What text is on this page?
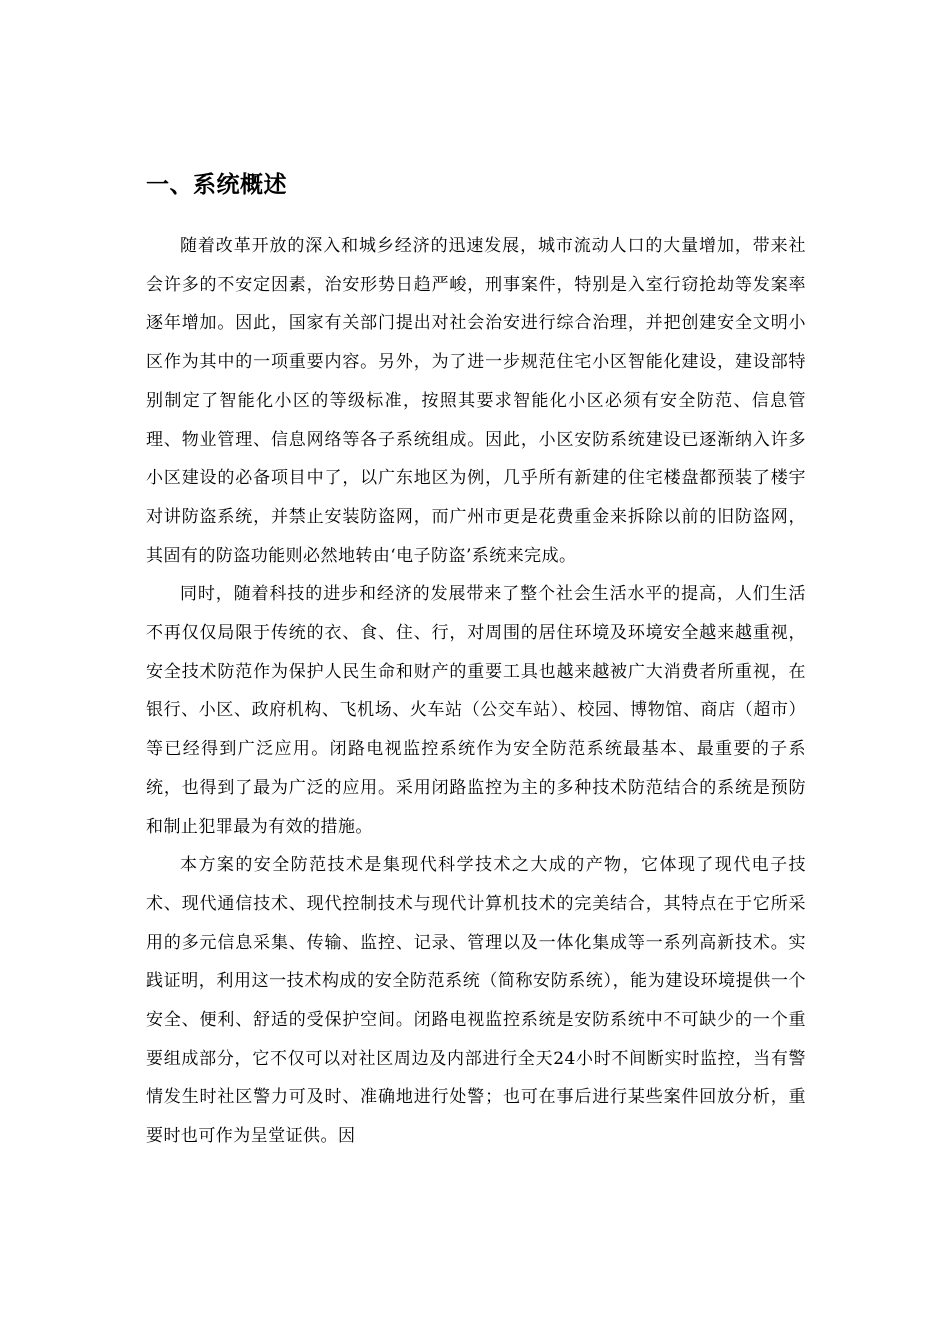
一、系统概述

随着改革开放的深入和城乡经济的迅速发展，城市流动人口的大量增加，带来社会许多的不安定因素，治安形势日趋严峻，刑事案件，特别是入室行窃抢劫等发案率逐年增加。因此，国家有关部门提出对社会治安进行综合治理，并把创建安全文明小区作为其中的一项重要内容。另外，为了进一步规范住宅小区智能化建设，建设部特别制定了智能化小区的等级标准，按照其要求智能化小区必须有安全防范、信息管理、物业管理、信息网络等各子系统组成。因此，小区安防系统建设已逐渐纳入许多小区建设的必备项目中了，以广东地区为例，几乎所有新建的住宅楼盘都预装了楼宇对讲防盗系统，并禁止安装防盗网，而广州市更是花费重金来拆除以前的旧防盗网，其固有的防盗功能则必然地转由‘电子防盗’系统来完成。

同时，随着科技的进步和经济的发展带来了整个社会生活水平的提高，人们生活不再仅仅局限于传统的衣、食、住、行，对周围的居住环境及环境安全越来越重视，安全技术防范作为保护人民生命和财产的重要工具也越来越被广大消费者所重视，在银行、小区、政府机构、飞机场、火车站（公交车站）、校园、博物馆、商店（超市）等已经得到广泛应用。闭路电视监控系统作为安全防范系统最基本、最重要的子系统，也得到了最为广泛的应用。采用闭路监控为主的多种技术防范结合的系统是预防和制止犯罪最为有效的措施。

本方案的安全防范技术是集现代科学技术之大成的产物，它体现了现代电子技术、现代通信技术、现代控制技术与现代计算机技术的完美结合，其特点在于它所采用的多元信息采集、传输、监控、记录、管理以及一体化集成等一系列高新技术。实践证明，利用这一技术构成的安全防范系统（简称安防系统），能为建设环境提供一个安全、便利、舒适的受保护空间。闭路电视监控系统是安防系统中不可缺少的一个重要组成部分，它不仅可以对社区周边及内部进行全天24小时不间断实时监控，当有警情发生时社区警力可及时、准确地进行处警；也可在事后进行某些案件回放分析，重要时也可作为呈堂证供。因
